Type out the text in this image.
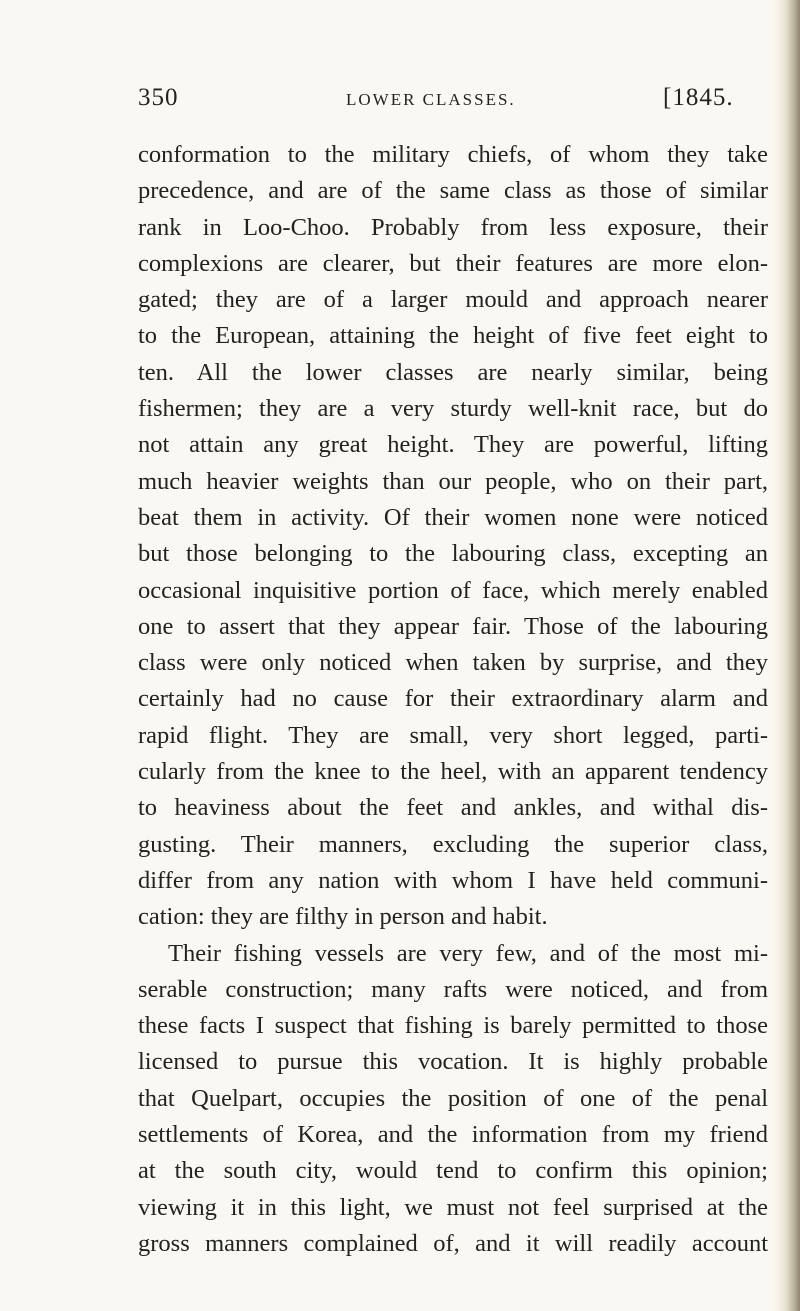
350	LOWER CLASSES.	[1845.
conformation to the military chiefs, of whom they take
precedence, and are of the same class as those of similar
rank in Loo-Choo. Probably from less exposure, their
complexions are clearer, but their features are more elon-
gated; they are of a larger mould and approach nearer
to the European, attaining the height of five feet eight to
ten. All the lower classes are nearly similar, being
fishermen; they are a very sturdy well-knit race, but do
not attain any great height. They are powerful, lifting
much heavier weights than our people, who on their part,
beat them in activity. Of their women none were noticed
but those belonging to the labouring class, excepting an
occasional inquisitive portion of face, which merely enabled
one to assert that they appear fair. Those of the labouring
class were only noticed when taken by surprise, and they
certainly had no cause for their extraordinary alarm and
rapid flight. They are small, very short legged, parti-
cularly from the knee to the heel, with an apparent tendency
to heaviness about the feet and ankles, and withal dis-
gusting. Their manners, excluding the superior class,
differ from any nation with whom I have held communi-
cation: they are filthy in person and habit.
Their fishing vessels are very few, and of the most mi-
serable construction; many rafts were noticed, and from
these facts I suspect that fishing is barely permitted to those
licensed to pursue this vocation. It is highly probable
that Quelpart, occupies the position of one of the penal
settlements of Korea, and the information from my friend
at the south city, would tend to confirm this opinion;
viewing it in this light, we must not feel surprised at the
gross manners complained of, and it will readily account
